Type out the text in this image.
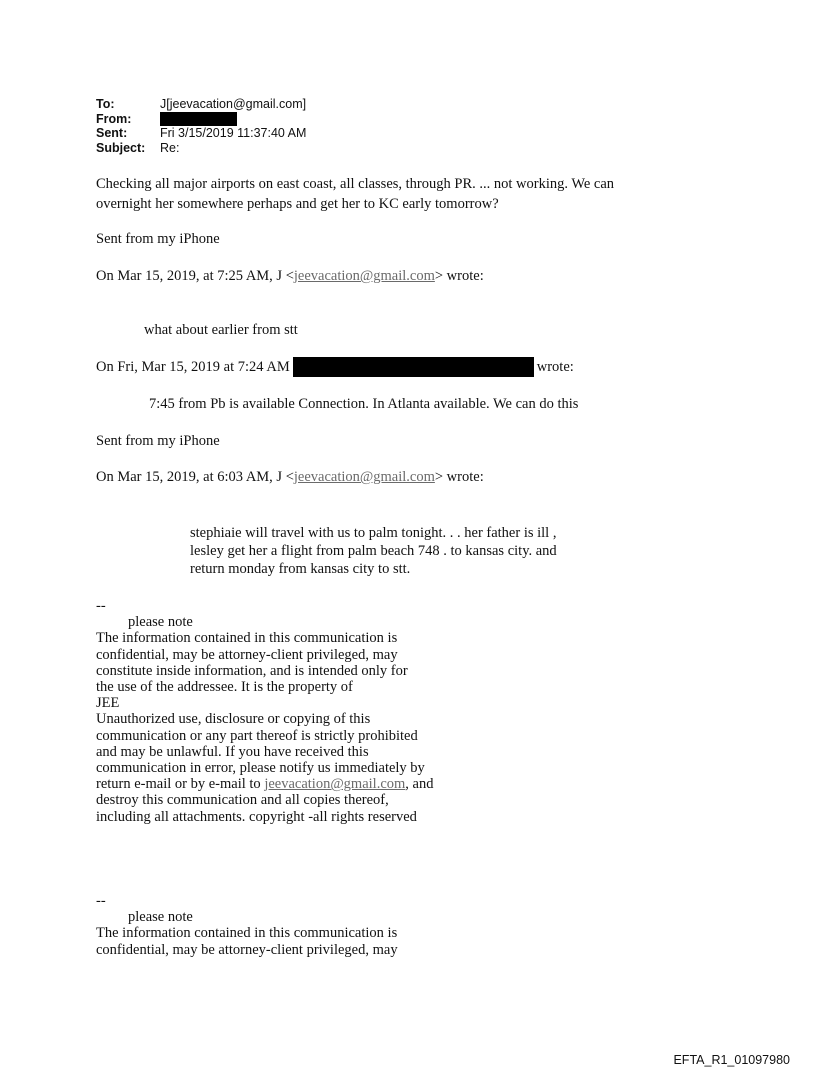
To:	J[jeevacation@gmail.com]
From:
Sent:	Fri 3/15/2019 11:37:40 AM
Subject: Re:
Checking all major airports on east coast, all classes, through PR. ... not working. We can
overnight her somewhere perhaps and get her to KC early tomorrow?
Sent from my iPhone
On Mar 15, 2019, at 7:25 AM, J <jeevacation@gmail.com> wrote:
what about earlier from stt
On Fri, Mar 15, 2019 at 7:24 AM	wrote:
7:45 from Pb is available Connection. In Atlanta available. We can do this
Sent from my iPhone
On Mar 15, 2019, at 6:03 AM, J <jeevacation@gmail.com> wrote:
stephiaie will travel with us to palm tonight. . . her father is ill ,
lesley get her a flight from palm beach 748 . to kansas city. and
return monday from kansas city to stt.
--
please note
The information contained in this communication is
confidential, may be attorney-client privileged, may
constitute inside information, and is intended only for
the use of the addressee. It is the property of
JEE
Unauthorized use, disclosure or copying of this
communication or any part thereof is strictly prohibited
and may be unlawful. If you have received this
communication in error, please notify us immediately by
return e-mail or by e-mail to jeevacation@gmail.com, and
destroy this communication and all copies thereof,
including all attachments. copyright -all rights reserved
--
please note
The information contained in this communication is
confidential, may be attorney-client privileged, may
EFTA_R1_01097980
